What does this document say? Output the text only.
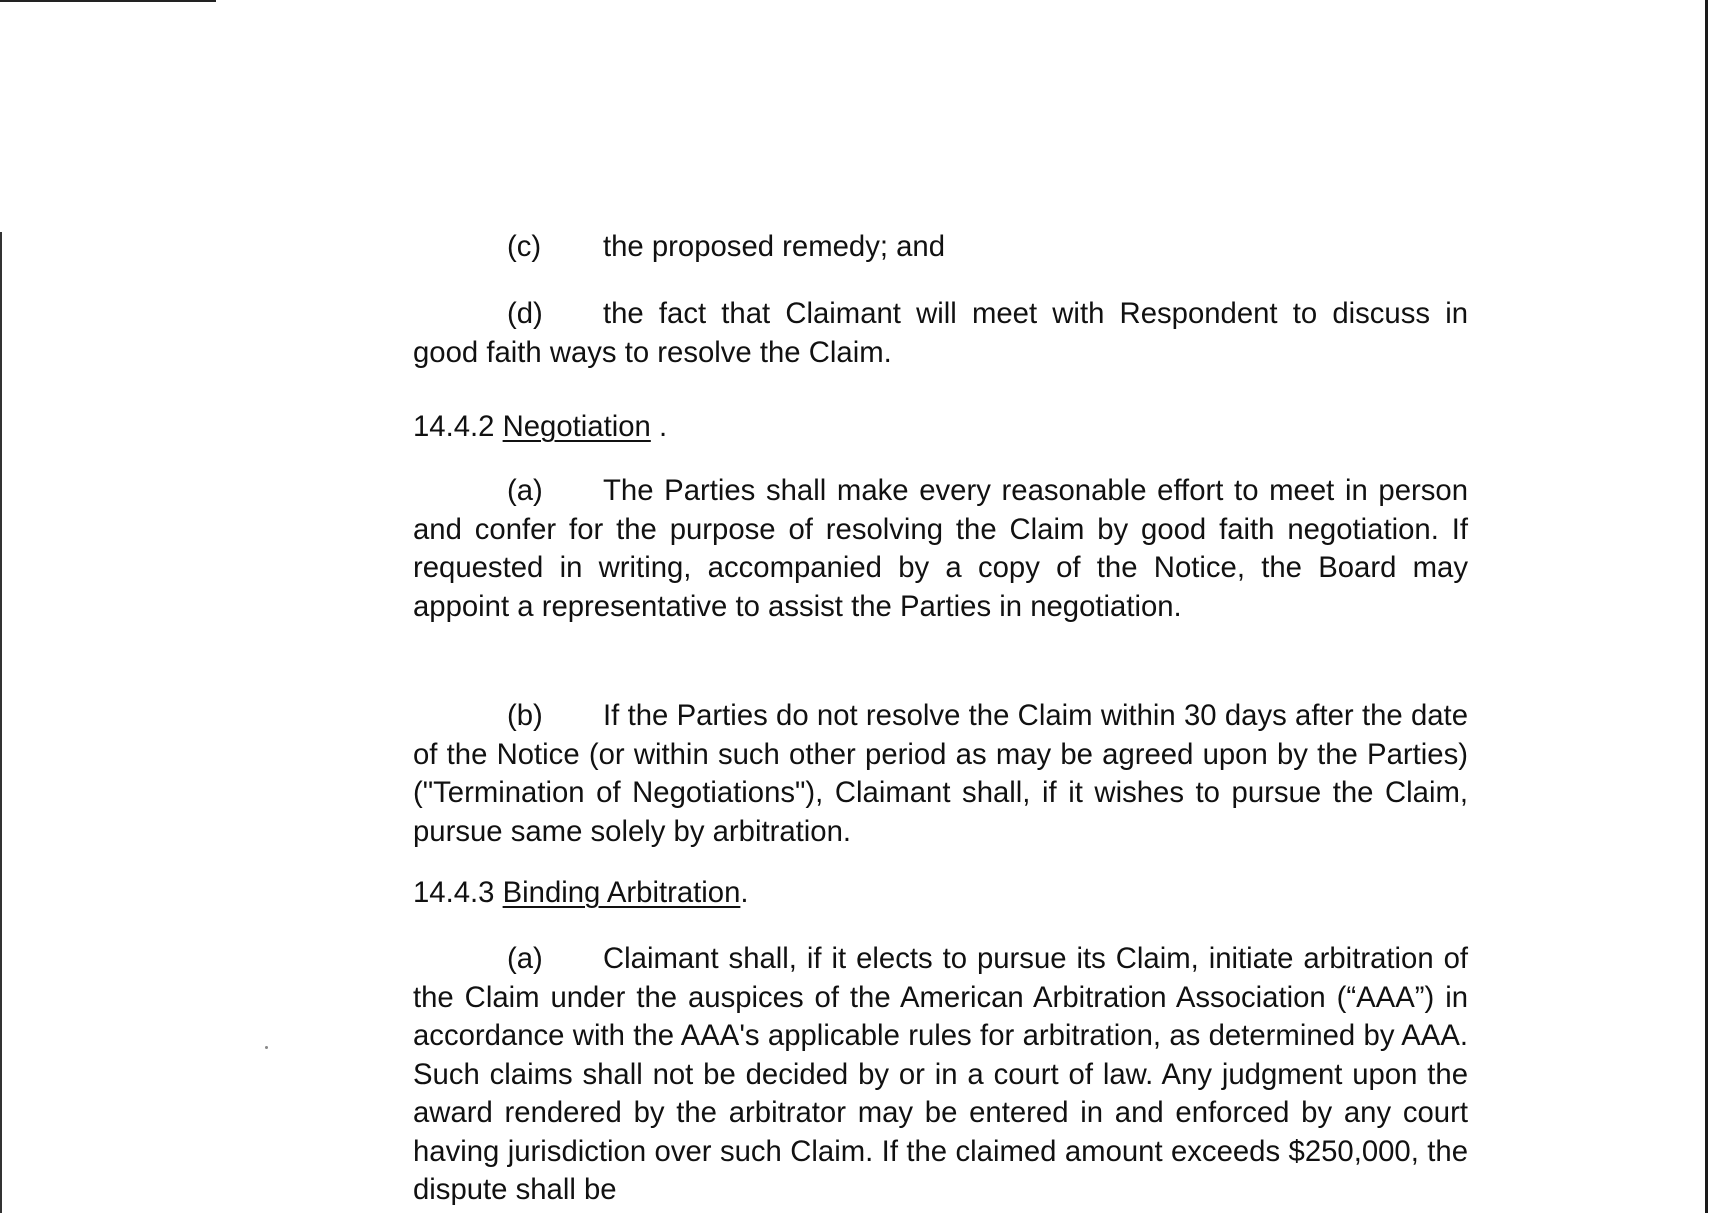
(c) the proposed remedy; and
(d) the fact that Claimant will meet with Respondent to discuss in good faith ways to resolve the Claim.
14.4.2 Negotiation .
(a) The Parties shall make every reasonable effort to meet in person and confer for the purpose of resolving the Claim by good faith negotiation. If requested in writing, accompanied by a copy of the Notice, the Board may appoint a representative to assist the Parties in negotiation.
(b) If the Parties do not resolve the Claim within 30 days after the date of the Notice (or within such other period as may be agreed upon by the Parties) ("Termination of Negotiations"), Claimant shall, if it wishes to pursue the Claim, pursue same solely by arbitration.
14.4.3 Binding Arbitration.
(a) Claimant shall, if it elects to pursue its Claim, initiate arbitration of the Claim under the auspices of the American Arbitration Association (“AAA”) in accordance with the AAA's applicable rules for arbitration, as determined by AAA. Such claims shall not be decided by or in a court of law. Any judgment upon the award rendered by the arbitrator may be entered in and enforced by any court having jurisdiction over such Claim. If the claimed amount exceeds $250,000, the dispute shall be
